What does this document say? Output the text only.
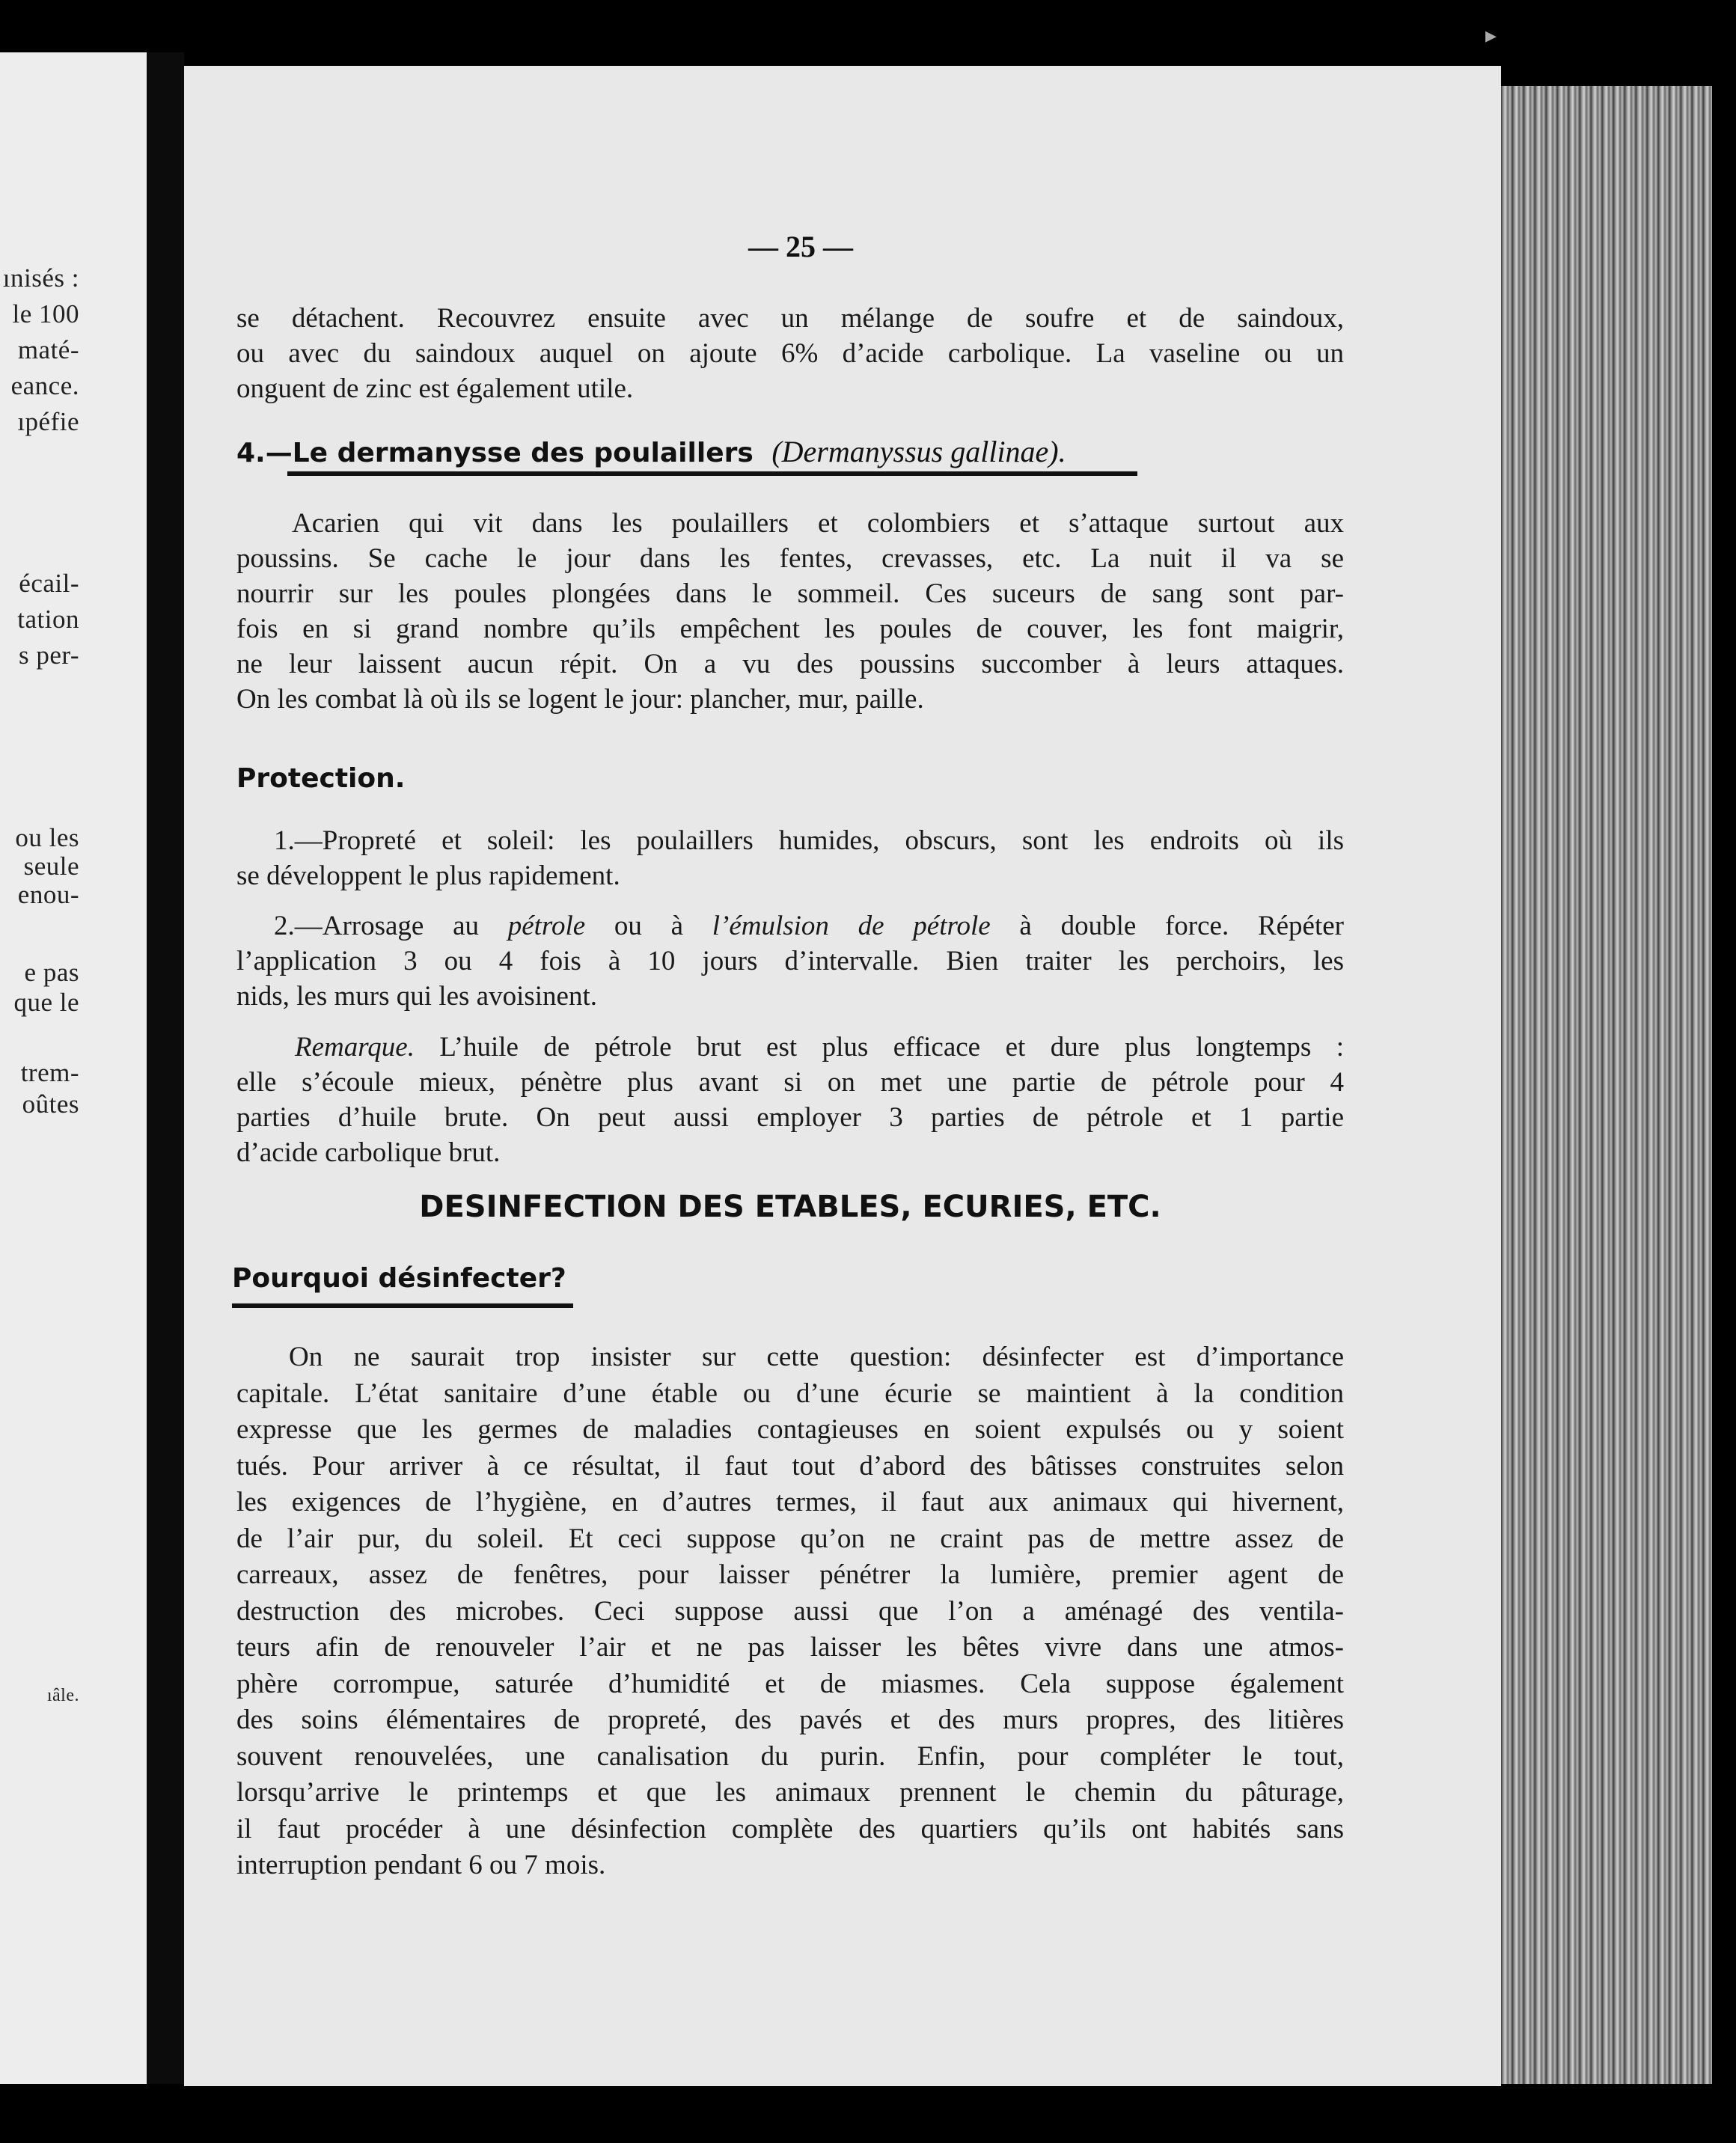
ınisés :
le 100
maté-
eance.
ıpéfie
écail-
tation
s per-
ou les
seule
enou-
e pas
que le
trem-
oûtes
ıâle.
▸
— 25 —
se détachent. Recouvrez ensuite avec un mélange de soufre et de saindoux,
ou avec du saindoux auquel on ajoute 6% d’acide carbolique. La vaseline ou un
onguent de zinc est également utile.
4.—Le dermanysse des poulaillers (Dermanyssus gallinae).
Acarien qui vit dans les poulaillers et colombiers et s’attaque surtout aux
poussins. Se cache le jour dans les fentes, crevasses, etc. La nuit il va se
nourrir sur les poules plongées dans le sommeil. Ces suceurs de sang sont par-
fois en si grand nombre qu’ils empêchent les poules de couver, les font maigrir,
ne leur laissent aucun répit. On a vu des poussins succomber à leurs attaques.
On les combat là où ils se logent le jour: plancher, mur, paille.
Protection.
1.—Propreté et soleil: les poulaillers humides, obscurs, sont les endroits où ils
se développent le plus rapidement.
2.—Arrosage au pétrole ou à l’émulsion de pétrole à double force. Répéter
l’application 3 ou 4 fois à 10 jours d’intervalle. Bien traiter les perchoirs, les
nids, les murs qui les avoisinent.
Remarque. L’huile de pétrole brut est plus efficace et dure plus longtemps :
elle s’écoule mieux, pénètre plus avant si on met une partie de pétrole pour 4
parties d’huile brute. On peut aussi employer 3 parties de pétrole et 1 partie
d’acide carbolique brut.
DESINFECTION DES ETABLES, ECURIES, ETC.
Pourquoi désinfecter?
On ne saurait trop insister sur cette question: désinfecter est d’importance
capitale. L’état sanitaire d’une étable ou d’une écurie se maintient à la condition
expresse que les germes de maladies contagieuses en soient expulsés ou y soient
tués. Pour arriver à ce résultat, il faut tout d’abord des bâtisses construites selon
les exigences de l’hygiène, en d’autres termes, il faut aux animaux qui hivernent,
de l’air pur, du soleil. Et ceci suppose qu’on ne craint pas de mettre assez de
carreaux, assez de fenêtres, pour laisser pénétrer la lumière, premier agent de
destruction des microbes. Ceci suppose aussi que l’on a aménagé des ventila-
teurs afin de renouveler l’air et ne pas laisser les bêtes vivre dans une atmos-
phère corrompue, saturée d’humidité et de miasmes. Cela suppose également
des soins élémentaires de propreté, des pavés et des murs propres, des litières
souvent renouvelées, une canalisation du purin. Enfin, pour compléter le tout,
lorsqu’arrive le printemps et que les animaux prennent le chemin du pâturage,
il faut procéder à une désinfection complète des quartiers qu’ils ont habités sans
interruption pendant 6 ou 7 mois.
